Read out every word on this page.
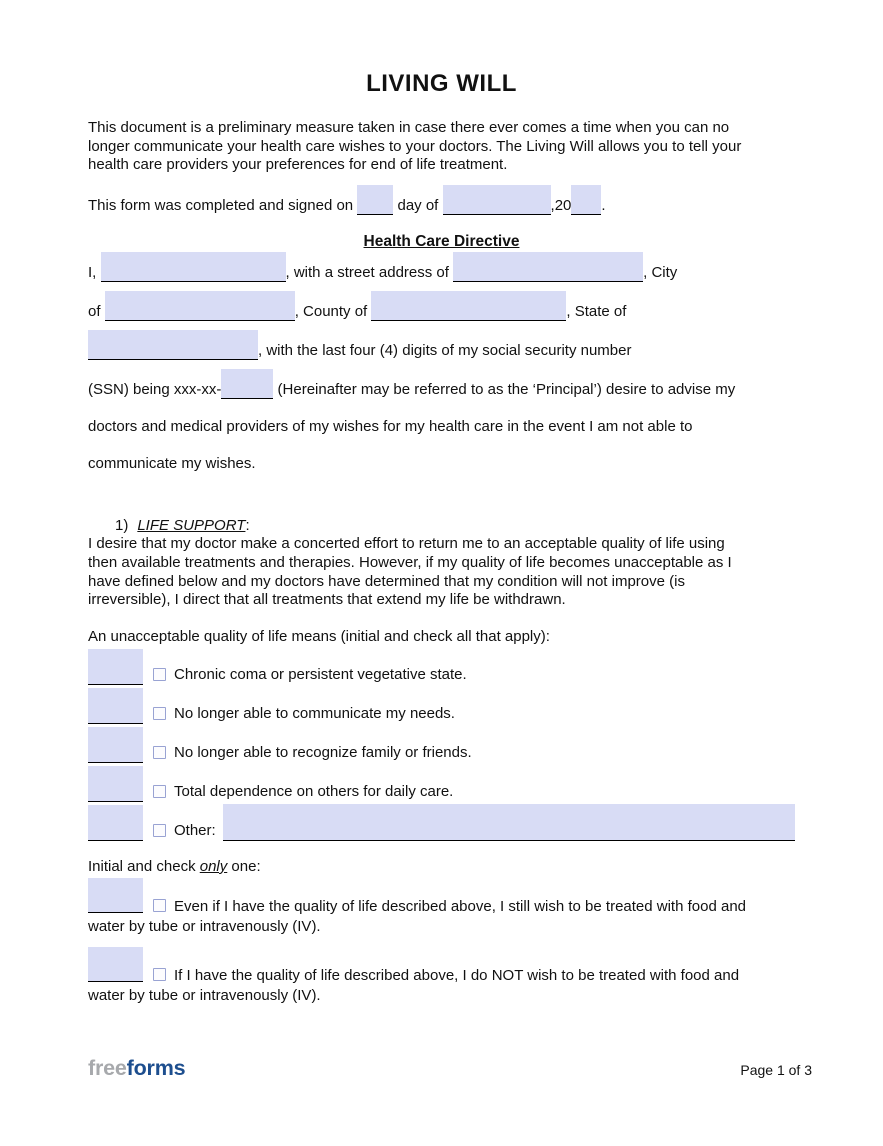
LIVING WILL

This document is a preliminary measure taken in case there ever comes a time when you can no
longer communicate your health care wishes to your doctors. The Living Will allows you to tell your
health care providers your preferences for end of life treatment.

This form was completed and signed on	day of	,20 .
Health Care Directive
I,	, with a street address of	, City
of	, County of	, State of
, with the last four (4) digits of my social security number
(SSN) being xxx-xx-	(Hereinafter may be referred to as the ‘Principal’) desire to advise my
doctors and medical providers of my wishes for my health care in the event I am not able to
communicate my wishes.
1) LIFE SUPPORT:

I desire that my doctor make a concerted effort to return me to an acceptable quality of life using
then available treatments and therapies. However, if my quality of life becomes unacceptable as I
have defined below and my doctors have determined that my condition will not improve (is
irreversible), I direct that all treatments that extend my life be withdrawn.

An unacceptable quality of life means (initial and check all that apply):
Chronic coma or persistent vegetative state.
No longer able to communicate my needs.
No longer able to recognize family or friends.
Total dependence on others for daily care.
Other:
Initial and check only one:
Even if I have the quality of life described above, I still wish to be treated with food and
water by tube or intravenously (IV).
If I have the quality of life described above, I do NOT wish to be treated with food and
water by tube or intravenously (IV).
freeforms	Page 1 of 3
